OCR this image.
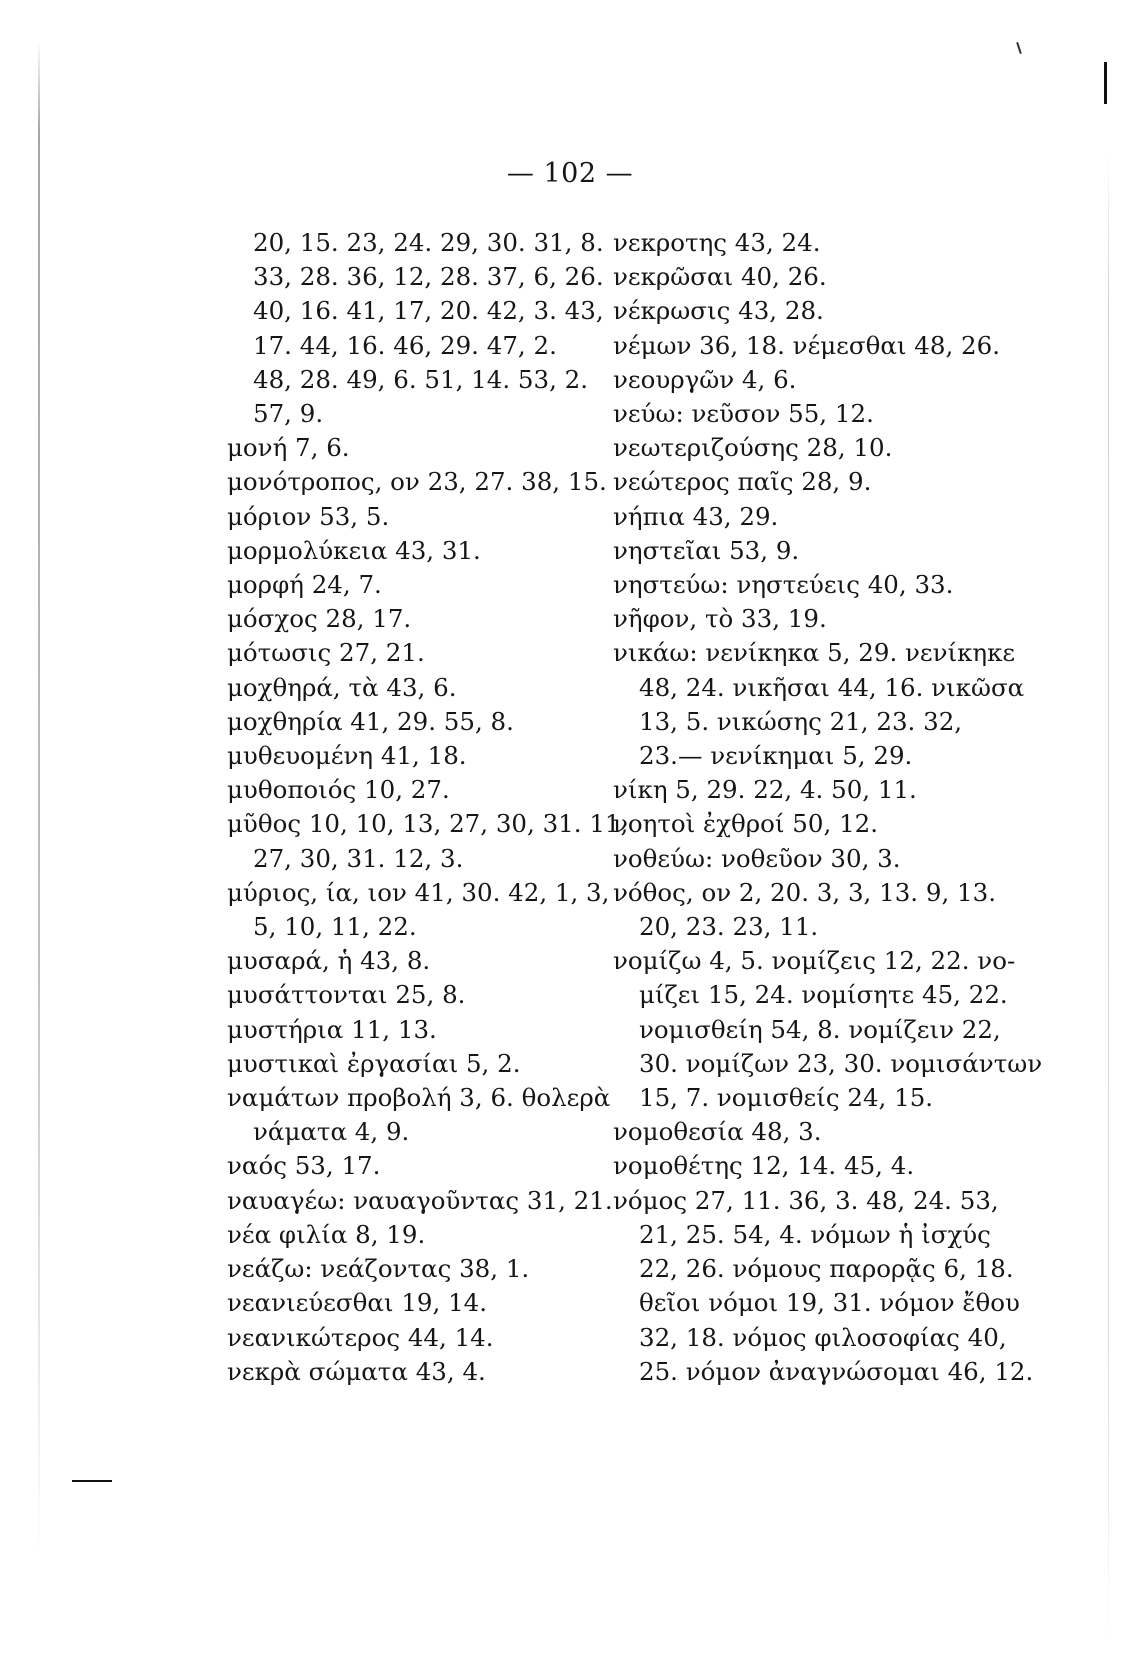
— 102 —
20, 15. 23, 24. 29, 30. 31, 8.
33, 28. 36, 12, 28. 37, 6, 26.
40, 16. 41, 17, 20. 42, 3. 43,
17. 44, 16. 46, 29. 47, 2.
48, 28. 49, 6. 51, 14. 53, 2.
57, 9.
μονή 7, 6.
μονότροπος, ον 23, 27. 38, 15.
μόριον 53, 5.
μορμολύκεια 43, 31.
μορφή 24, 7.
μόσχος 28, 17.
μότωσις 27, 21.
μοχθηρά, τὰ 43, 6.
μοχθηρία 41, 29. 55, 8.
μυθευομένη 41, 18.
μυθοποιός 10, 27.
μῦθος 10, 10, 13, 27, 30, 31. 11,
27, 30, 31. 12, 3.
μύριος, ία, ιον 41, 30. 42, 1, 3,
5, 10, 11, 22.
μυσαρά, ἡ 43, 8.
μυσάττονται 25, 8.
μυστήρια 11, 13.
μυστικαὶ ἐργασίαι 5, 2.
ναμάτων προβολή 3, 6. θολερὰ
νάματα 4, 9.
ναός 53, 17.
ναυαγέω: ναυαγοῦντας 31, 21.
νέα φιλία 8, 19.
νεάζω: νεάζοντας 38, 1.
νεανιεύεσθαι 19, 14.
νεανικώτερος 44, 14.
νεκρὰ σώματα 43, 4.
νεκροτης 43, 24.
νεκρῶσαι 40, 26.
νέκρωσις 43, 28.
νέμων 36, 18. νέμεσθαι 48, 26.
νεουργῶν 4, 6.
νεύω: νεῦσον 55, 12.
νεωτεριζούσης 28, 10.
νεώτερος παῖς 28, 9.
νήπια 43, 29.
νηστεῖαι 53, 9.
νηστεύω: νηστεύεις 40, 33.
νῆφον, τὸ 33, 19.
νικάω: νενίκηκα 5, 29. νενίκηκε
48, 24. νικῆσαι 44, 16. νικῶσα
13, 5. νικώσης 21, 23. 32,
23.— νενίκημαι 5, 29.
νίκη 5, 29. 22, 4. 50, 11.
νοητοὶ ἐχθροί 50, 12.
νοθεύω: νοθεῦον 30, 3.
νόθος, ον 2, 20. 3, 3, 13. 9, 13.
20, 23. 23, 11.
νομίζω 4, 5. νομίζεις 12, 22. νο-
μίζει 15, 24. νομίσητε 45, 22.
νομισθείη 54, 8. νομίζειν 22,
30. νομίζων 23, 30. νομισάντων
15, 7. νομισθείς 24, 15.
νομοθεσία 48, 3.
νομοθέτης 12, 14. 45, 4.
νόμος 27, 11. 36, 3. 48, 24. 53,
21, 25. 54, 4. νόμων ἡ ἰσχύς
22, 26. νόμους παρορᾷς 6, 18.
θεῖοι νόμοι 19, 31. νόμον ἔθου
32, 18. νόμος φιλοσοφίας 40,
25. νόμον ἀναγνώσομαι 46, 12.
